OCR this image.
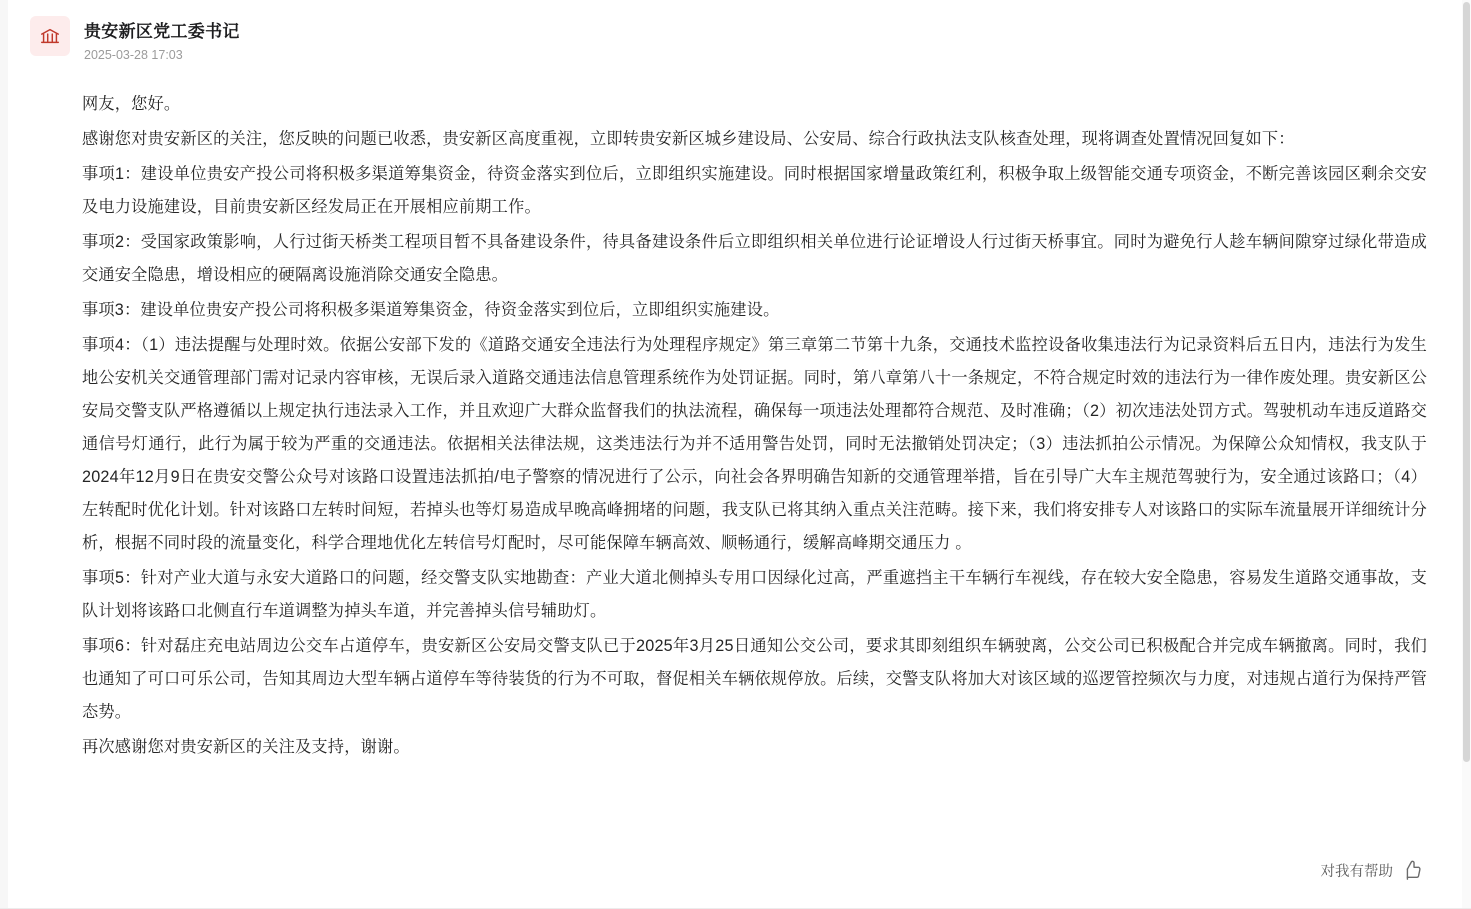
贵安新区党工委书记
2025-03-28 17:03

网友，您好。

感谢您对贵安新区的关注，您反映的问题已收悉，贵安新区高度重视，立即转贵安新区城乡建设局、公安局、综合行政执法支队核查处理，现将调查处置情况回复如下：

事项1：建设单位贵安产投公司将积极多渠道筹集资金，待资金落实到位后，立即组织实施建设。同时根据国家增量政策红利，积极争取上级智能交通专项资金，不断完善该园区剩余交安及电力设施建设，目前贵安新区经发局正在开展相应前期工作。

事项2：受国家政策影响，人行过街天桥类工程项目暂不具备建设条件，待具备建设条件后立即组织相关单位进行论证增设人行过街天桥事宜。同时为避免行人趁车辆间隙穿过绿化带造成交通安全隐患，增设相应的硬隔离设施消除交通安全隐患。

事项3：建设单位贵安产投公司将积极多渠道筹集资金，待资金落实到位后，立即组织实施建设。

事项4：（1）违法提醒与处理时效。依据公安部下发的《道路交通安全违法行为处理程序规定》第三章第二节第十九条，交通技术监控设备收集违法行为记录资料后五日内，违法行为发生地公安机关交通管理部门需对记录内容审核，无误后录入道路交通违法信息管理系统作为处罚证据。同时，第八章第八十一条规定，不符合规定时效的违法行为一律作废处理。贵安新区公安局交警支队严格遵循以上规定执行违法录入工作，并且欢迎广大群众监督我们的执法流程，确保每一项违法处理都符合规范、及时准确；（2）初次违法处罚方式。驾驶机动车违反道路交通信号灯通行，此行为属于较为严重的交通违法。依据相关法律法规，这类违法行为并不适用警告处罚，同时无法撤销处罚决定；（3）违法抓拍公示情况。为保障公众知情权，我支队于2024年12月9日在贵安交警公众号对该路口设置违法抓拍/电子警察的情况进行了公示，向社会各界明确告知新的交通管理举措，旨在引导广大车主规范驾驶行为，安全通过该路口；（4）左转配时优化计划。针对该路口左转时间短，若掉头也等灯易造成早晚高峰拥堵的问题，我支队已将其纳入重点关注范畴。接下来，我们将安排专人对该路口的实际车流量展开详细统计分析，根据不同时段的流量变化，科学合理地优化左转信号灯配时，尽可能保障车辆高效、顺畅通行，缓解高峰期交通压力 。

事项5：针对产业大道与永安大道路口的问题，经交警支队实地勘查：产业大道北侧掉头专用口因绿化过高，严重遮挡主干车辆行车视线，存在较大安全隐患，容易发生道路交通事故，支队计划将该路口北侧直行车道调整为掉头车道，并完善掉头信号辅助灯。

事项6：针对磊庄充电站周边公交车占道停车，贵安新区公安局交警支队已于2025年3月25日通知公交公司，要求其即刻组织车辆驶离，公交公司已积极配合并完成车辆撤离。同时，我们也通知了可口可乐公司，告知其周边大型车辆占道停车等待装货的行为不可取，督促相关车辆依规停放。后续，交警支队将加大对该区域的巡逻管控频次与力度，对违规占道行为保持严管态势。

再次感谢您对贵安新区的关注及支持，谢谢。

对我有帮助
